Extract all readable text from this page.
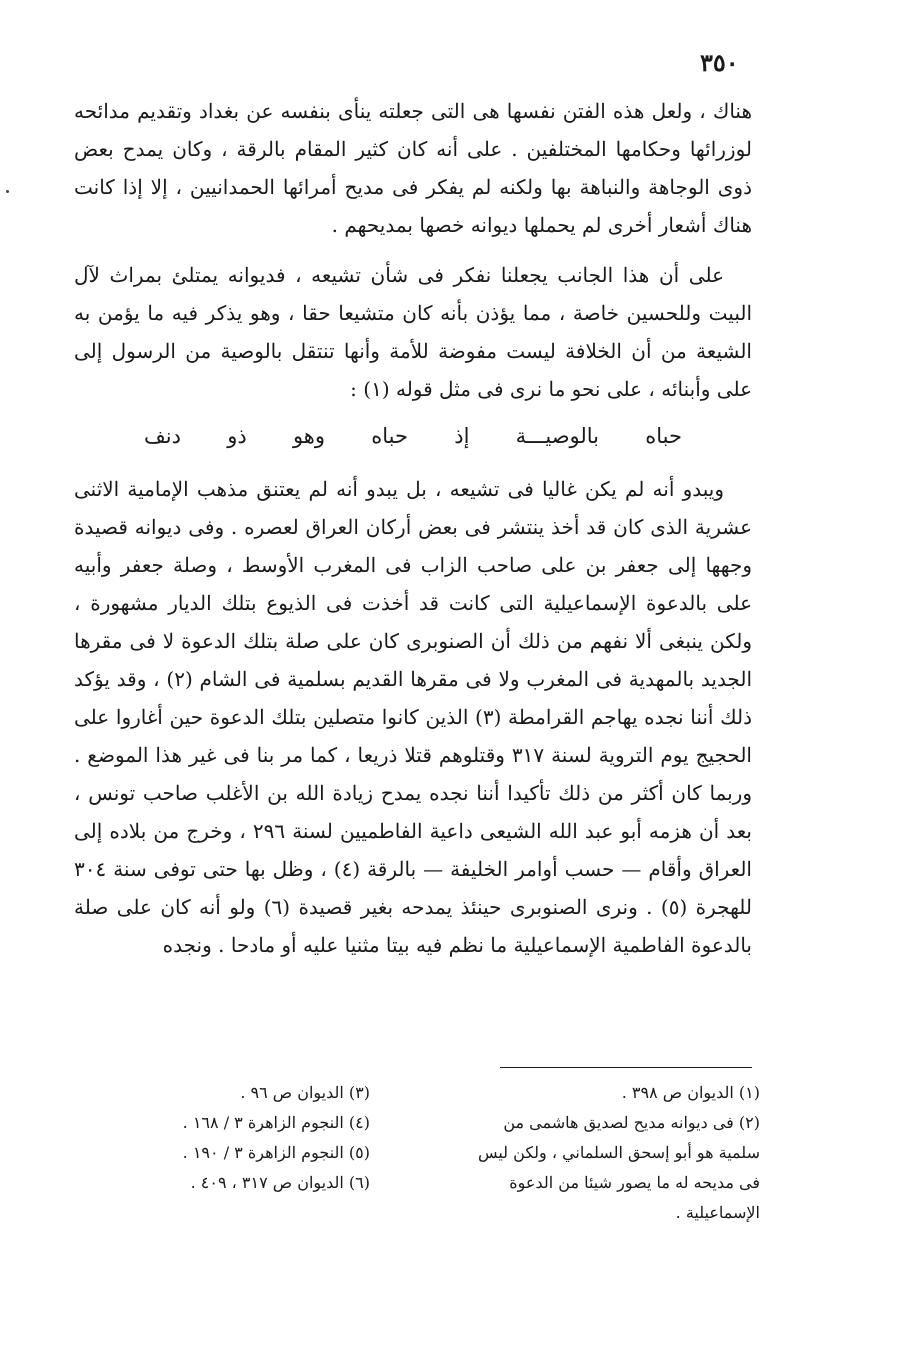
٣٥٠

هناك ، ولعل هذه الفتن نفسها هى التى جعلته ينأى بنفسه عن بغداد وتقديم مدائحه لوزرائها وحكامها المختلفين . على أنه كان كثير المقام بالرقة ، وكان يمدح بعض ذوى الوجاهة والنباهة بها ولكنه لم يفكر فى مديح أمرائها الحمدانيين ، إلا إذا كانت هناك أشعار أخرى لم يحملها ديوانه خصها بمديحهم .

على أن هذا الجانب يجعلنا نفكر فى شأن تشيعه ، فديوانه يمتلئ بمراث لآل البيت وللحسين خاصة ، مما يؤذن بأنه كان متشيعا حقا ، وهو يذكر فيه ما يؤمن به الشيعة من أن الخلافة ليست مفوضة للأمة وأنها تنتقل بالوصية من الرسول إلى على وأبنائه ، على نحو ما نرى فى مثل قوله (١) :

حباه
بالوصيـــة
إذ
حباه
وهو
ذو
دنف

ويبدو أنه لم يكن غاليا فى تشيعه ، بل يبدو أنه لم يعتنق مذهب الإمامية الاثنى عشرية الذى كان قد أخذ ينتشر فى بعض أركان العراق لعصره . وفى ديوانه قصيدة وجهها إلى جعفر بن على صاحب الزاب فى المغرب الأوسط ، وصلة جعفر وأبيه على بالدعوة الإسماعيلية التى كانت قد أخذت فى الذيوع بتلك الديار مشهورة ، ولكن ينبغى ألا نفهم من ذلك أن الصنوبرى كان على صلة بتلك الدعوة لا فى مقرها الجديد بالمهدية فى المغرب ولا فى مقرها القديم بسلمية فى الشام (٢) ، وقد يؤكد ذلك أننا نجده يهاجم القرامطة (٣) الذين كانوا متصلين بتلك الدعوة حين أغاروا على الحجيج يوم التروية لسنة ٣١٧ وقتلوهم قتلا ذريعا ، كما مر بنا فى غير هذا الموضع . وربما كان أكثر من ذلك تأكيدا أننا نجده يمدح زيادة الله بن الأغلب صاحب تونس ، بعد أن هزمه أبو عبد الله الشيعى داعية الفاطميين لسنة ٢٩٦ ، وخرج من بلاده إلى العراق وأقام — حسب أوامر الخليفة — بالرقة (٤) ، وظل بها حتى توفى سنة ٣٠٤ للهجرة (٥) . ونرى الصنوبرى حينئذ يمدحه بغير قصيدة (٦) ولو أنه كان على صلة بالدعوة الفاطمية الإسماعيلية ما نظم فيه بيتا مثنيا عليه أو مادحا . ونجده

(١) الديوان ص ٣٩٨ .

(٢) فى ديوانه مديح لصديق هاشمى من سلمية هو أبو إسحق السلماني ، ولكن ليس فى مديحه له ما يصور شيئا من الدعوة الإسماعيلية .

(٣) الديوان ص ٩٦ .

(٤) النجوم الزاهرة ٣ / ١٦٨ .

(٥) النجوم الزاهرة ٣ / ١٩٠ .

(٦) الديوان ص ٣١٧ ، ٤٠٩ .
